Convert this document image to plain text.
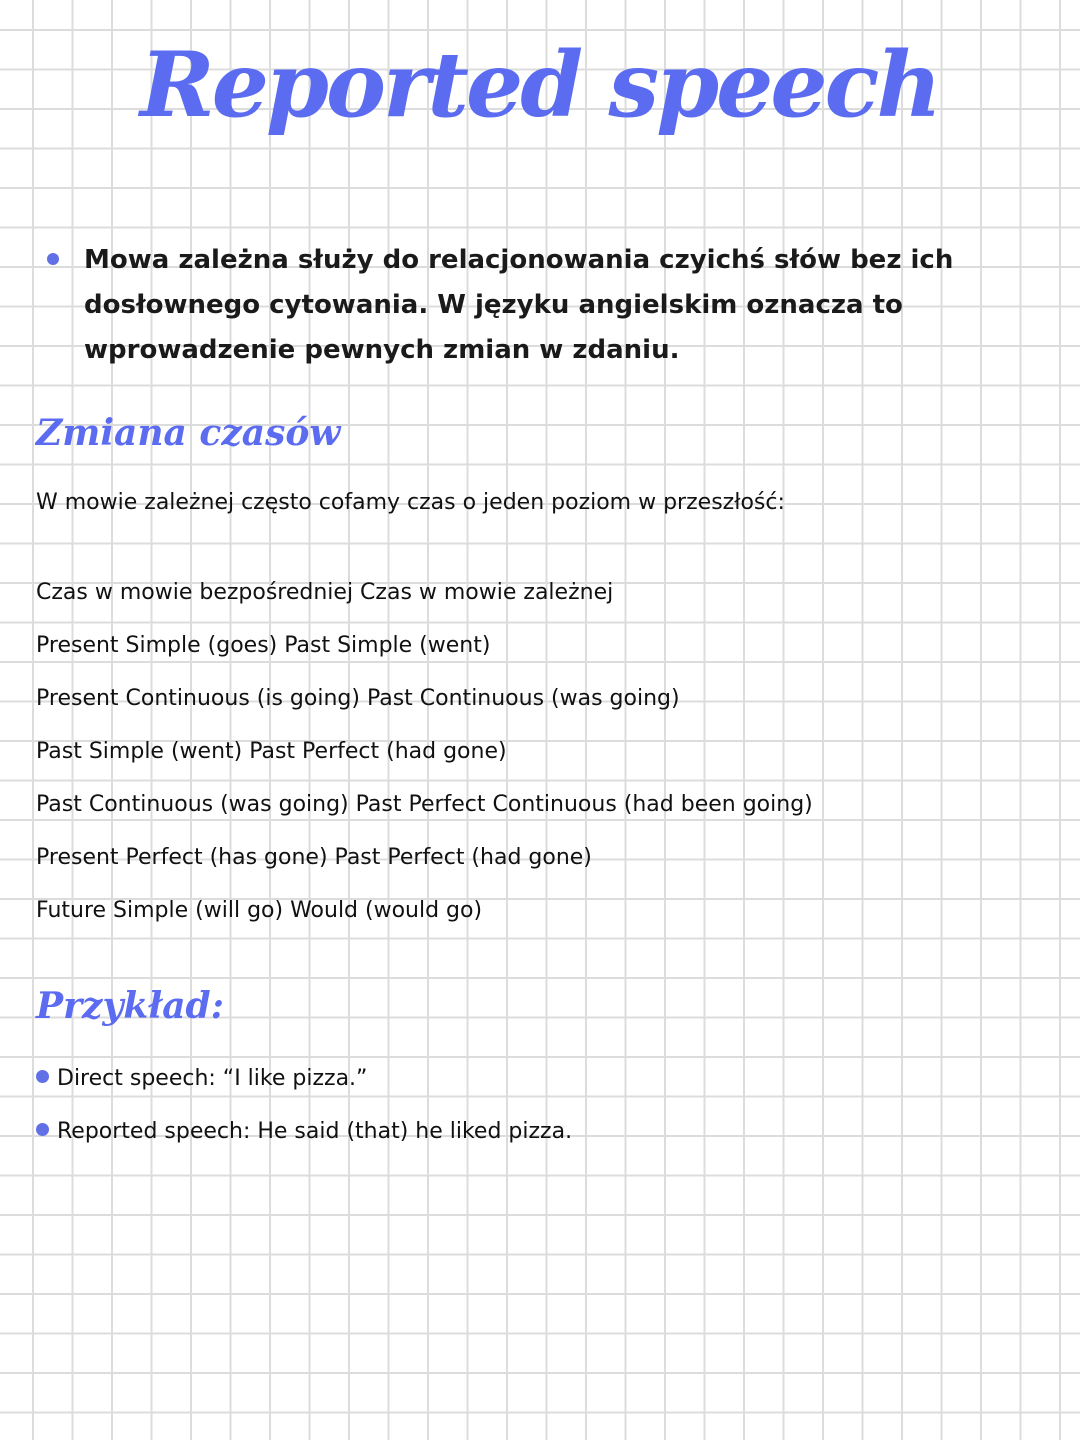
Reported speech
Mowa zależna służy do relacjonowania czyichś słów bez ich dosłownego cytowania. W języku angielskim oznacza to wprowadzenie pewnych zmian w zdaniu.
Zmiana czasów
W mowie zależnej często cofamy czas o jeden poziom w przeszłość:
Czas w mowie bezpośredniej Czas w mowie zależnej
Present Simple (goes) Past Simple (went)
Present Continuous (is going) Past Continuous (was going)
Past Simple (went) Past Perfect (had gone)
Past Continuous (was going) Past Perfect Continuous (had been going)
Present Perfect (has gone) Past Perfect (had gone)
Future Simple (will go) Would (would go)
Przykład:
Direct speech: “I like pizza.”
Reported speech: He said (that) he liked pizza.
